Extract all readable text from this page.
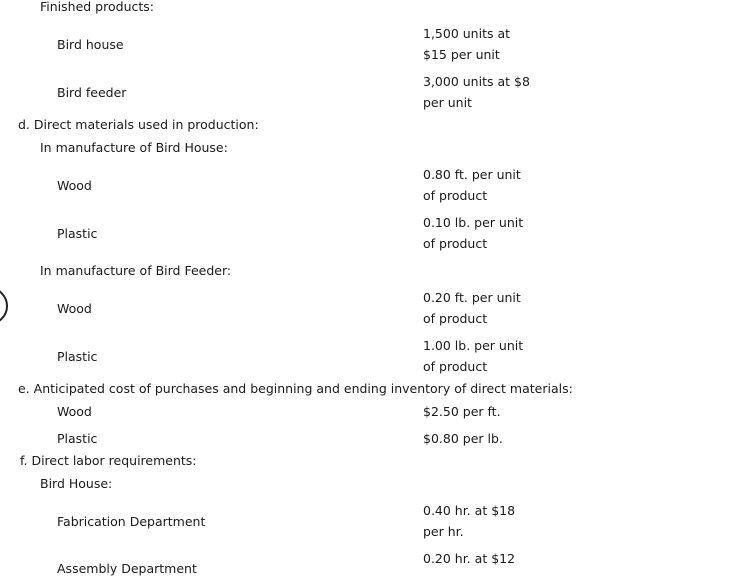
Finished products:
Bird house
1,500 units at
$15 per unit
Bird feeder
3,000 units at $8
per unit
d. Direct materials used in production:
In manufacture of Bird House:
Wood
0.80 ft. per unit
of product
Plastic
0.10 lb. per unit
of product
In manufacture of Bird Feeder:
Wood
0.20 ft. per unit
of product
Plastic
1.00 lb. per unit
of product
e. Anticipated cost of purchases and beginning and ending inventory of direct materials:
Wood	$2.50 per ft.
Plastic	$0.80 per lb.
f. Direct labor requirements:
Bird House:
Fabrication Department
0.40 hr. at $18
per hr.
Assembly Department
0.20 hr. at $12
